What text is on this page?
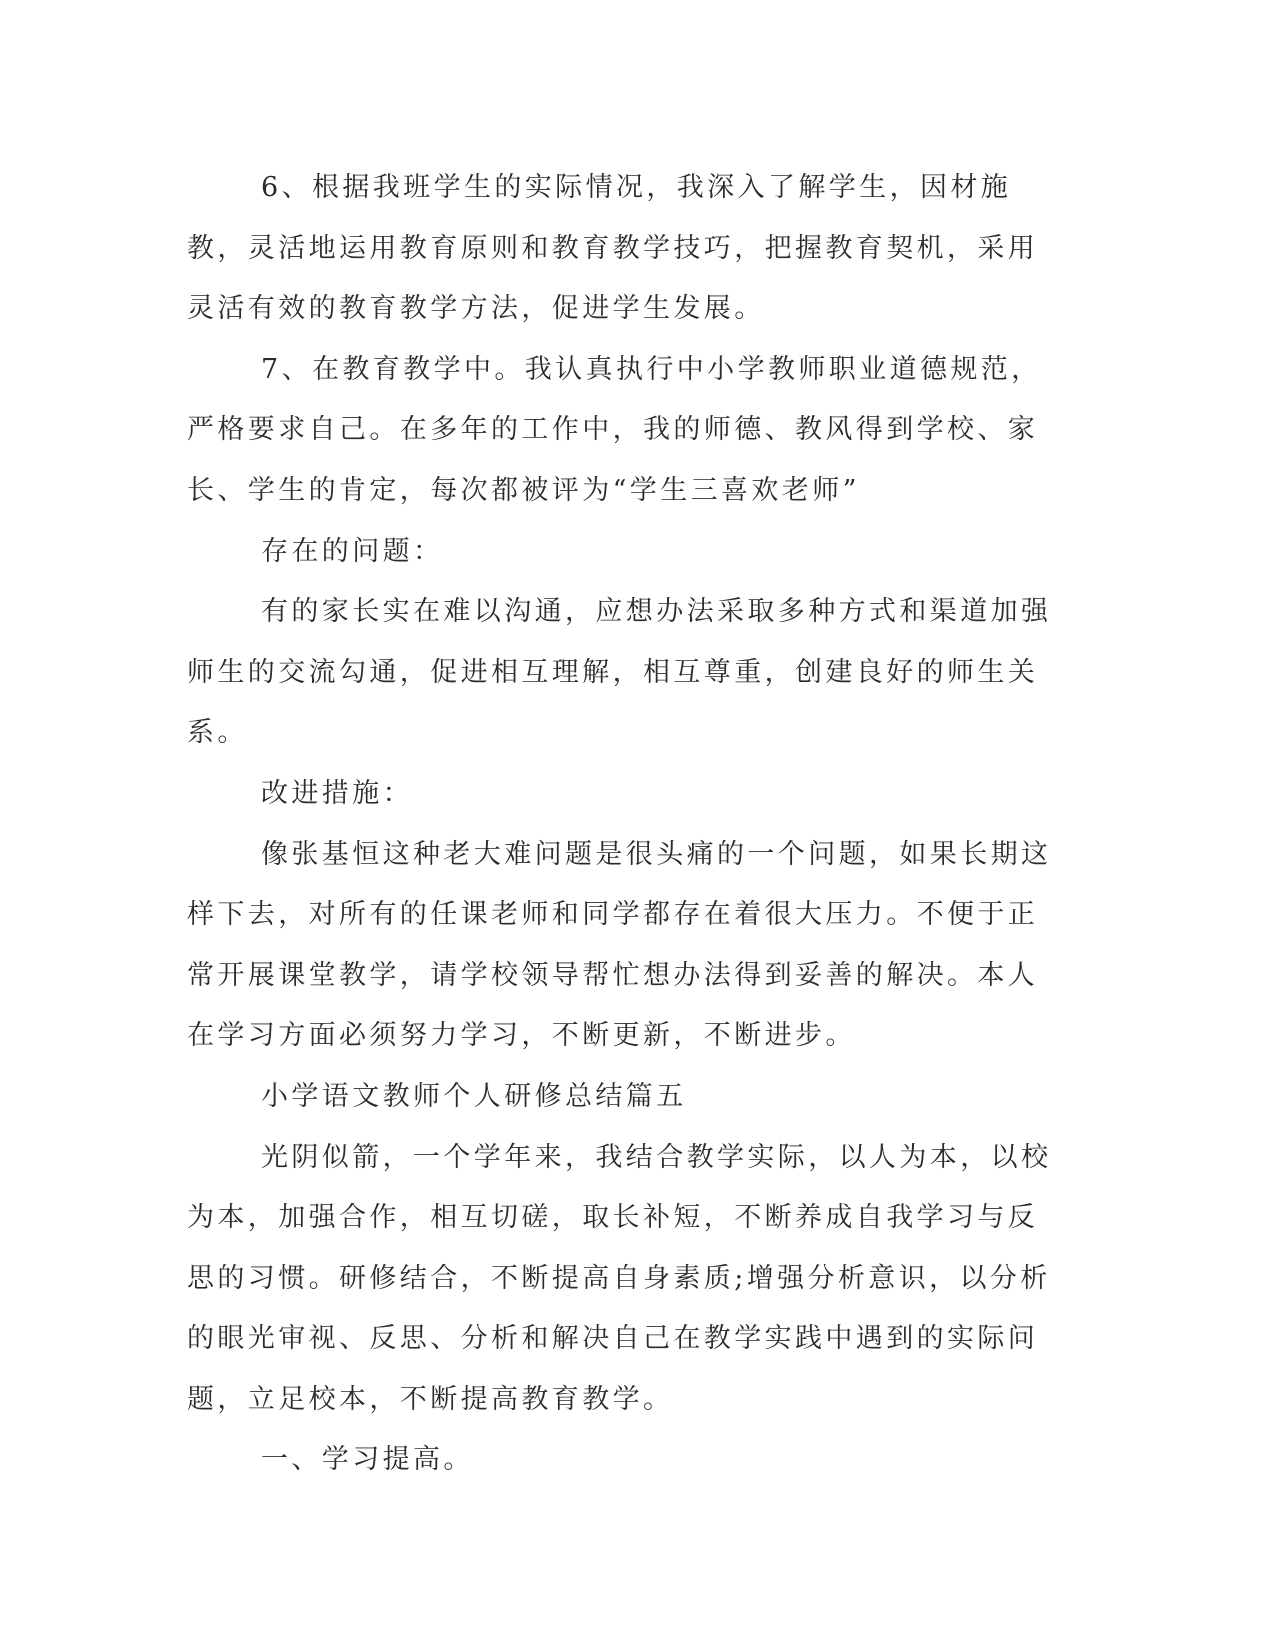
6、根据我班学生的实际情况，我深入了解学生，因材施教，灵活地运用教育原则和教育教学技巧，把握教育契机，采用灵活有效的教育教学方法，促进学生发展。

7、在教育教学中。我认真执行中小学教师职业道德规范，严格要求自己。在多年的工作中，我的师德、教风得到学校、家长、学生的肯定，每次都被评为“学生三喜欢老师”

存在的问题：

有的家长实在难以沟通，应想办法采取多种方式和渠道加强师生的交流勾通，促进相互理解，相互尊重，创建良好的师生关系。

改进措施：

像张基恒这种老大难问题是很头痛的一个问题，如果长期这样下去，对所有的任课老师和同学都存在着很大压力。不便于正常开展课堂教学，请学校领导帮忙想办法得到妥善的解决。本人在学习方面必须努力学习，不断更新，不断进步。

小学语文教师个人研修总结篇五

光阴似箭，一个学年来，我结合教学实际，以人为本，以校为本，加强合作，相互切磋，取长补短，不断养成自我学习与反思的习惯。研修结合，不断提高自身素质;增强分析意识，以分析的眼光审视、反思、分析和解决自己在教学实践中遇到的实际问题，立足校本，不断提高教育教学。

一、学习提高。
